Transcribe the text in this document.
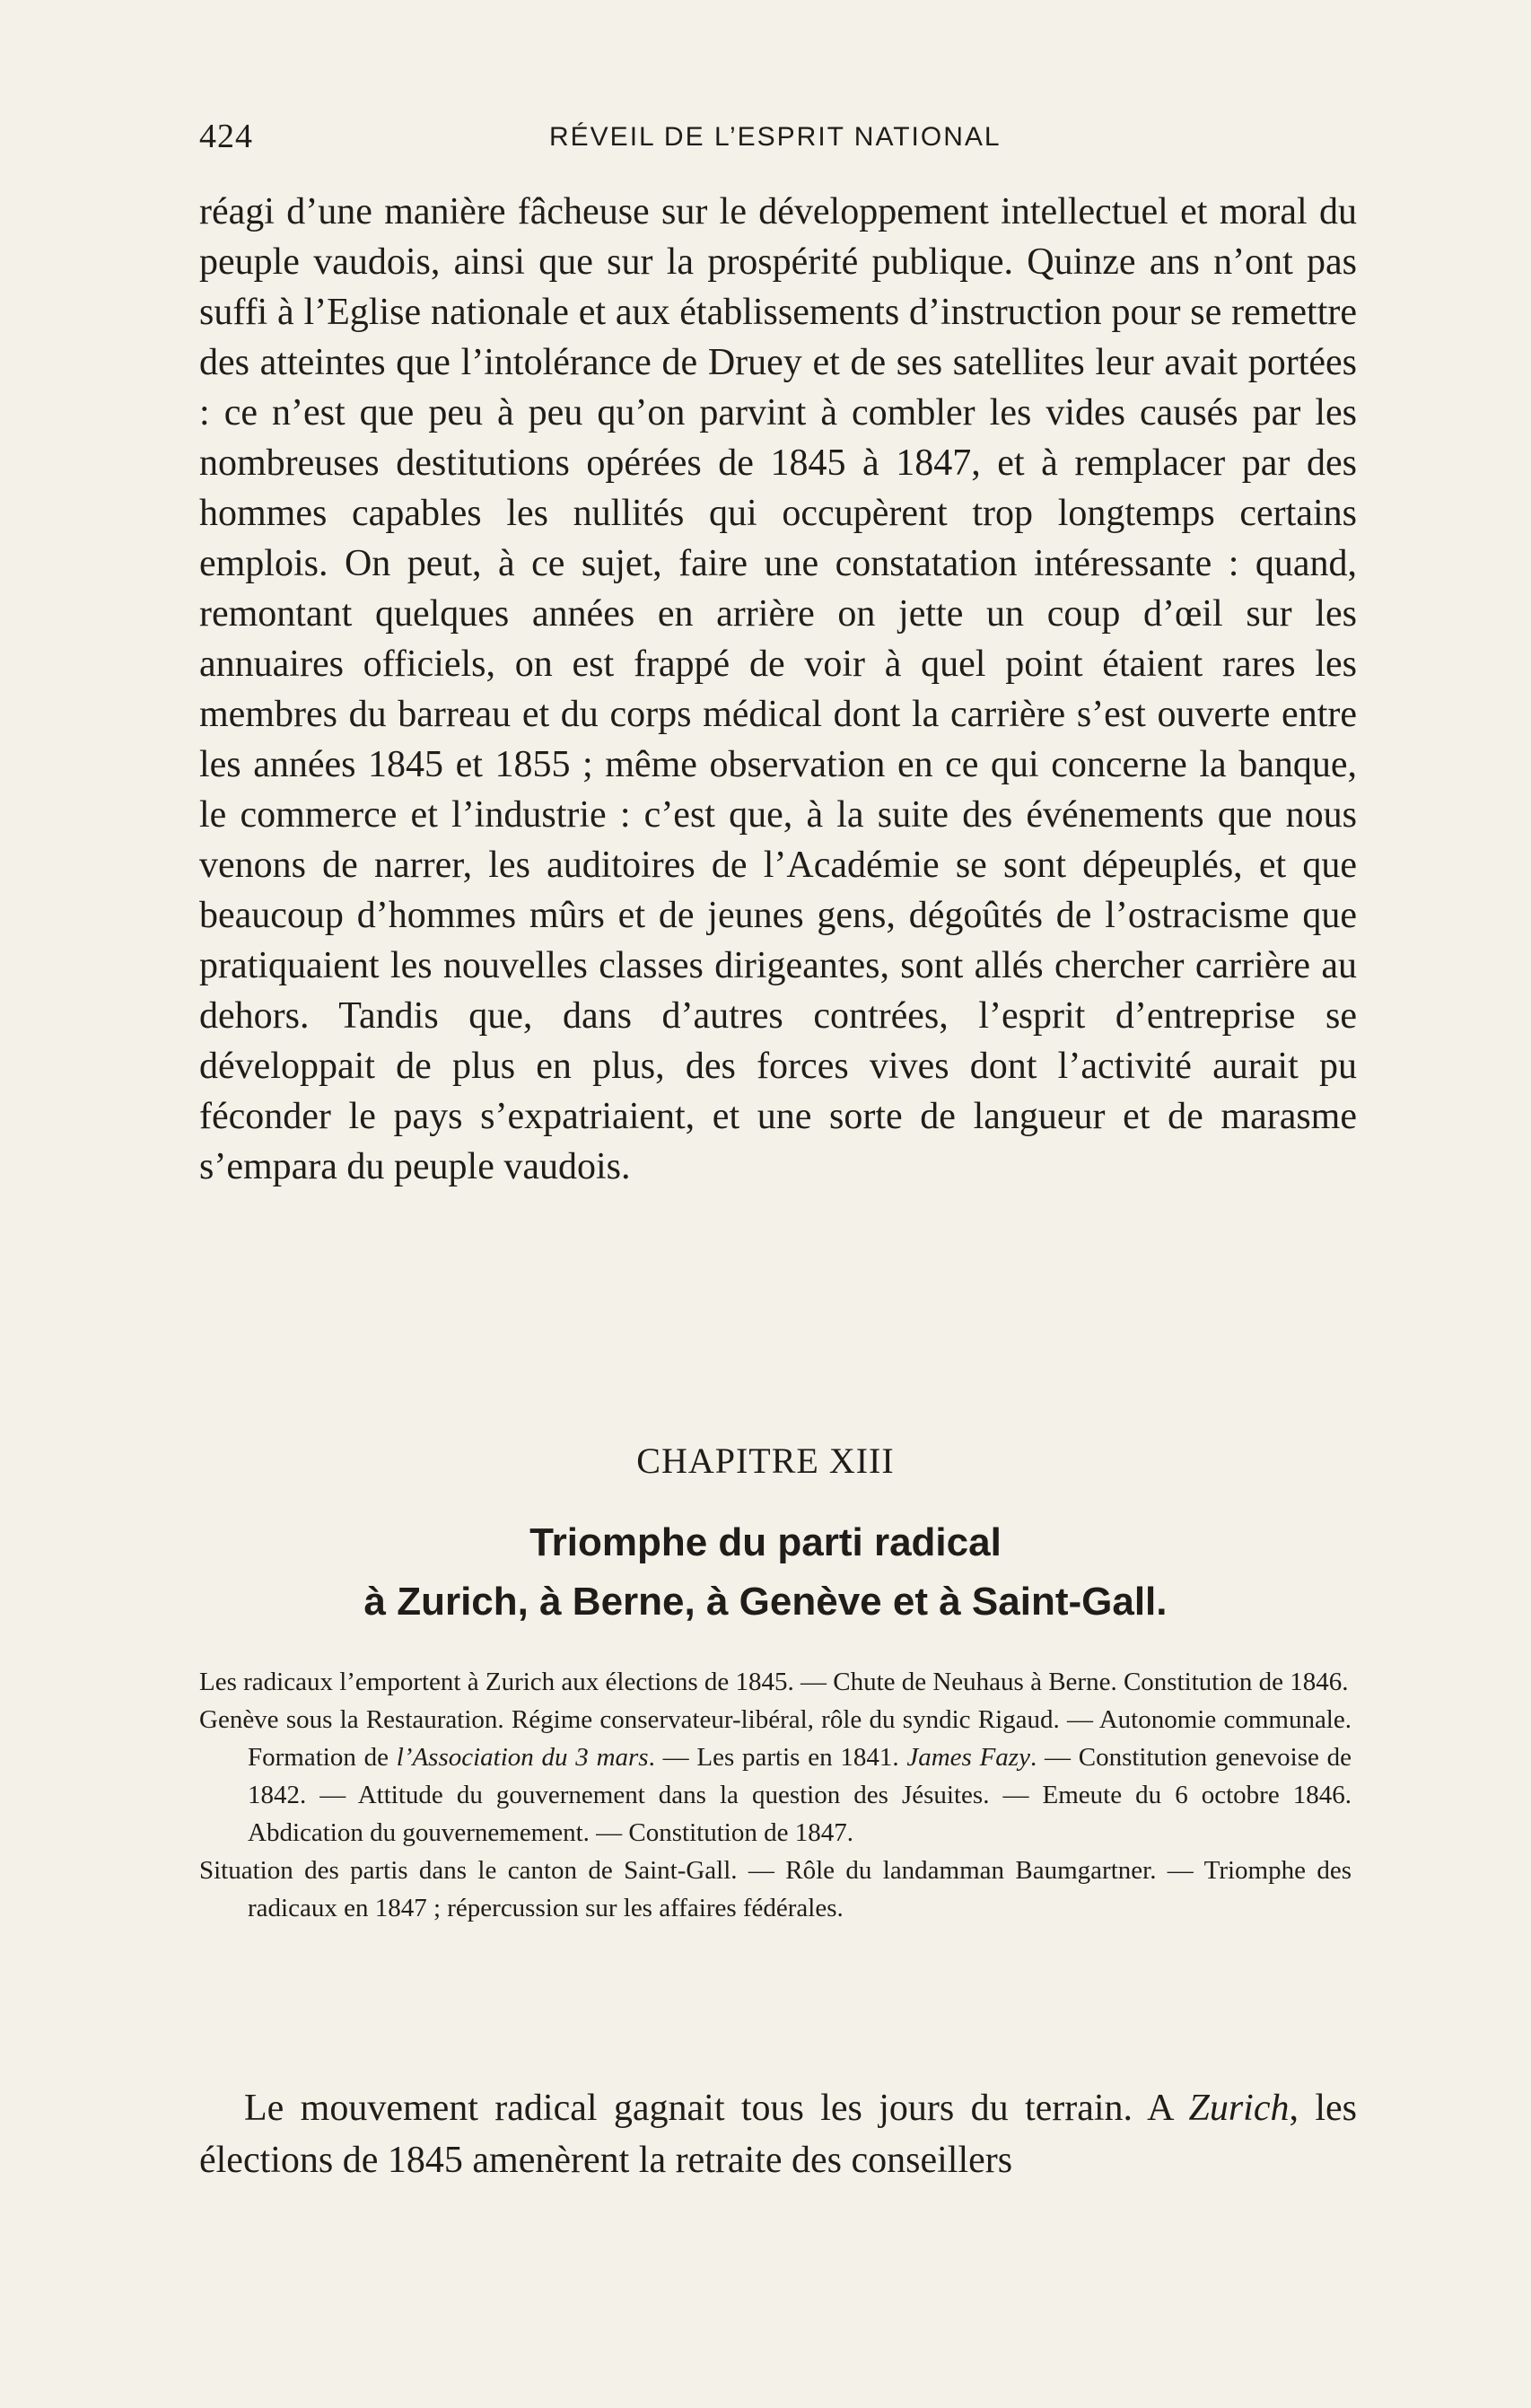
424	RÉVEIL DE L’ESPRIT NATIONAL

réagi d’une manière fâcheuse sur le développement intellectuel et moral du peuple vaudois, ainsi que sur la prospérité publique. Quinze ans n’ont pas suffi à l’Eglise nationale et aux établissements d’instruction pour se remettre des atteintes que l’intolérance de Druey et de ses satellites leur avait portées : ce n’est que peu à peu qu’on parvint à combler les vides causés par les nombreuses destitutions opérées de 1845 à 1847, et à remplacer par des hommes capables les nullités qui occupèrent trop longtemps certains emplois. On peut, à ce sujet, faire une constatation intéressante : quand, remontant quelques années en arrière on jette un coup d’œil sur les annuaires officiels, on est frappé de voir à quel point étaient rares les membres du barreau et du corps médical dont la carrière s’est ouverte entre les années 1845 et 1855 ; même observation en ce qui concerne la banque, le commerce et l’industrie : c’est que, à la suite des événements que nous venons de narrer, les auditoires de l’Académie se sont dépeuplés, et que beaucoup d’hommes mûrs et de jeunes gens, dégoûtés de l’ostracisme que pratiquaient les nouvelles classes dirigeantes, sont allés chercher carrière au dehors. Tandis que, dans d’autres contrées, l’esprit d’entreprise se développait de plus en plus, des forces vives dont l’activité aurait pu féconder le pays s’expatriaient, et une sorte de langueur et de marasme s’empara du peuple vaudois.

CHAPITRE XIII
Triomphe du parti radical
à Zurich, à Berne, à Genève et à Saint-Gall.

Les radicaux l’emportent à Zurich aux élections de 1845. — Chute de Neuhaus à Berne. Constitution de 1846.

Genève sous la Restauration. Régime conservateur-libéral, rôle du syndic Rigaud. — Autonomie communale. Formation de l’Association du 3 mars. — Les partis en 1841. James Fazy. — Constitution genevoise de 1842. — Attitude du gouvernement dans la question des Jésuites. — Emeute du 6 octobre 1846. Abdication du gouvernemement. — Constitution de 1847.

Situation des partis dans le canton de Saint-Gall. — Rôle du landamman Baumgartner. — Triomphe des radicaux en 1847 ; répercussion sur les affaires fédérales.

Le mouvement radical gagnait tous les jours du terrain. A Zurich, les élections de 1845 amenèrent la retraite des conseillers
